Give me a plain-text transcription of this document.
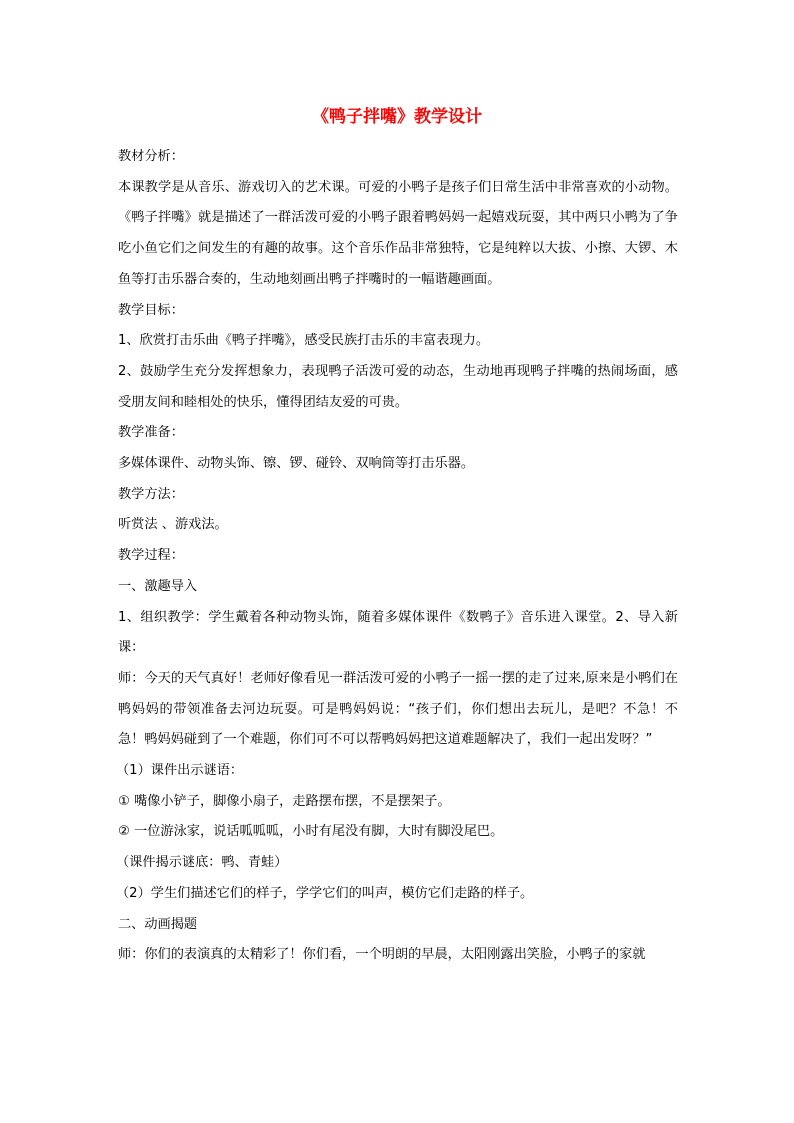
《鸭子拌嘴》教学设计

教材分析：

本课教学是从音乐、游戏切入的艺术课。可爱的小鸭子是孩子们日常生活中非常喜欢的小动物。《鸭子拌嘴》就是描述了一群活泼可爱的小鸭子跟着鸭妈妈一起嬉戏玩耍，其中两只小鸭为了争吃小鱼它们之间发生的有趣的故事。这个音乐作品非常独特，它是纯粹以大拔、小擦、大锣、木鱼等打击乐器合奏的，生动地刻画出鸭子拌嘴时的一幅谐趣画面。

教学目标：

1、欣赏打击乐曲《鸭子拌嘴》，感受民族打击乐的丰富表现力。

2、鼓励学生充分发挥想象力，表现鸭子活泼可爱的动态，生动地再现鸭子拌嘴的热闹场面，感受朋友间和睦相处的快乐，懂得团结友爱的可贵。

教学准备：

多媒体课件、动物头饰、镲、锣、碰铃、双响筒等打击乐器。

教学方法：

听赏法 、游戏法。

教学过程：

一、激趣导入

1、组织教学：学生戴着各种动物头饰，随着多媒体课件《数鸭子》音乐进入课堂。2、导入新课：

师：今天的天气真好！老师好像看见一群活泼可爱的小鸭子一摇一摆的走了过来,原来是小鸭们在鸭妈妈的带领准备去河边玩耍。可是鸭妈妈说：“孩子们，你们想出去玩儿，是吧？不急！不急！鸭妈妈碰到了一个难题，你们可不可以帮鸭妈妈把这道难题解决了，我们一起出发呀？”

（1）课件出示谜语：

① 嘴像小铲子，脚像小扇子，走路摆布摆，不是摆架子。

② 一位游泳家，说话呱呱呱，小时有尾没有脚，大时有脚没尾巴。

（课件揭示谜底：鸭、青蛙）

（2）学生们描述它们的样子，学学它们的叫声，模仿它们走路的样子。

二、动画揭题

师：你们的表演真的太精彩了！你们看，一个明朗的早晨，太阳刚露出笑脸，小鸭子的家就
